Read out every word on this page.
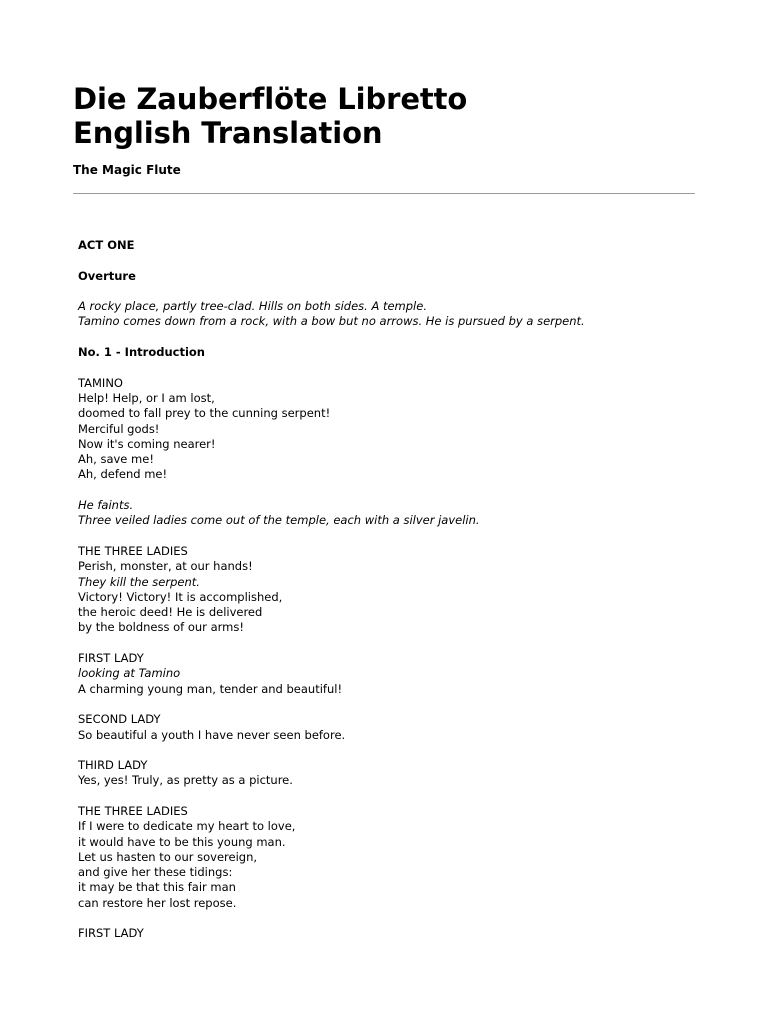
Die Zauberflöte Libretto
English Translation

The Magic Flute

ACT ONE
Overture
A rocky place, partly tree-clad. Hills on both sides. A temple.
Tamino comes down from a rock, with a bow but no arrows. He is pursued by a serpent.
No. 1 - Introduction
TAMINO
Help! Help, or I am lost,
doomed to fall prey to the cunning serpent!
Merciful gods!
Now it's coming nearer!
Ah, save me!
Ah, defend me!
He faints.
Three veiled ladies come out of the temple, each with a silver javelin.
THE THREE LADIES
Perish, monster, at our hands!
They kill the serpent.
Victory! Victory! It is accomplished,
the heroic deed! He is delivered
by the boldness of our arms!
FIRST LADY
looking at Tamino
A charming young man, tender and beautiful!
SECOND LADY
So beautiful a youth I have never seen before.
THIRD LADY
Yes, yes! Truly, as pretty as a picture.
THE THREE LADIES
If I were to dedicate my heart to love,
it would have to be this young man.
Let us hasten to our sovereign,
and give her these tidings:
it may be that this fair man
can restore her lost repose.
FIRST LADY
